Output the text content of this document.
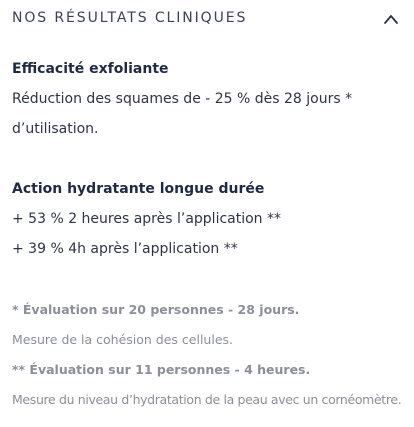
NOS RÉSULTATS CLINIQUES
Efficacité exfoliante
Réduction des squames de - 25 % dès 28 jours *
d’utilisation.
Action hydratante longue durée
+ 53 % 2 heures après l’application **
+ 39 % 4h après l’application **
* Évaluation sur 20 personnes - 28 jours.
Mesure de la cohésion des cellules.
** Évaluation sur 11 personnes - 4 heures.
Mesure du niveau d’hydratation de la peau avec un cornéomètre.
